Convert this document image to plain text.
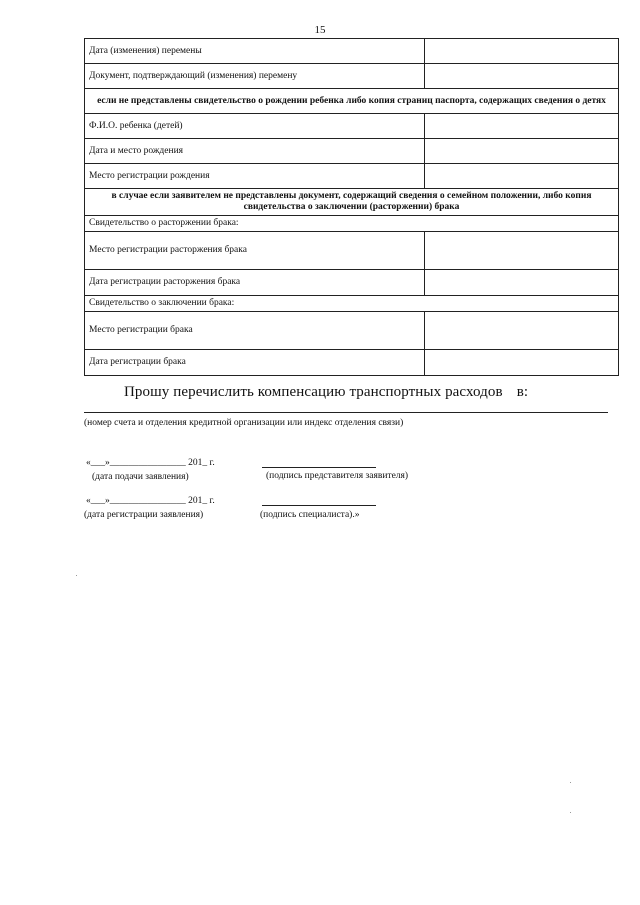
15
Дата (изменения) перемены	
Документ, подтверждающий (изменения) перемену	
если не представлены свидетельство о рождении ребенка либо копия страниц паспорта, содержащих сведения о детях	
Ф.И.О. ребенка (детей)	
Дата и место рождения	
Место регистрации рождения	
в случае если заявителем не представлены документ, содержащий сведения о семейном положении, либо копия свидетельства о заключении (расторжении) брака	
Свидетельство о расторжении брака:	
Место регистрации расторжения брака	
Дата регистрации расторжения брака	
Свидетельство о заключении брака:	
Место регистрации брака	
Дата регистрации брака	
Прошу перечислить компенсацию транспортных расходов в:
(номер счета и отделения кредитной организации или индекс отделения связи)
«___»________________ 201_ г.
(дата подачи заявления)	(подпись представителя заявителя)
«___»________________ 201_ г.
(дата регистрации заявления)	(подпись специалиста).»
